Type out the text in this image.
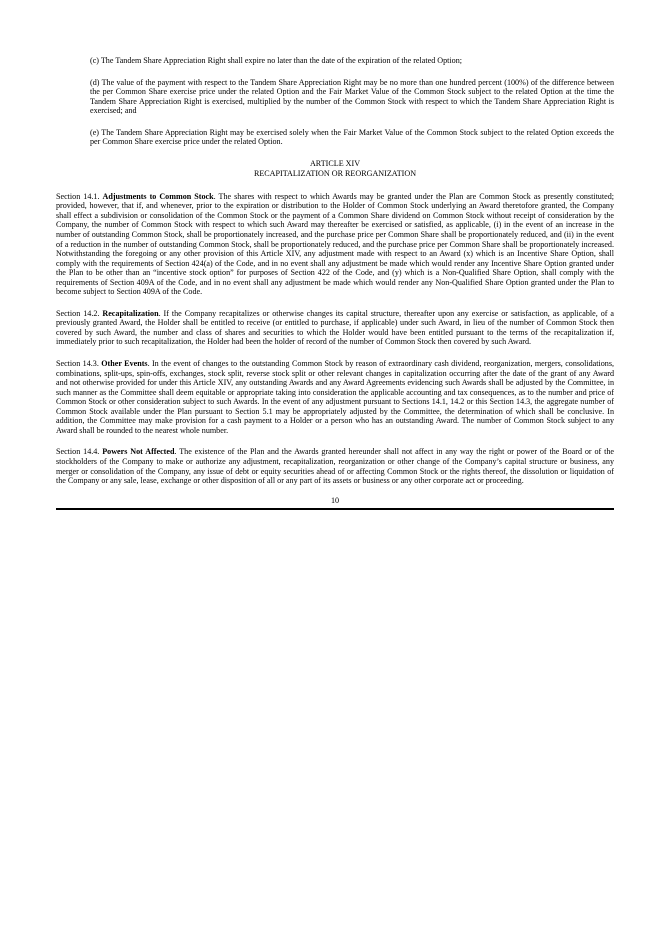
(c) The Tandem Share Appreciation Right shall expire no later than the date of the expiration of the related Option;

(d) The value of the payment with respect to the Tandem Share Appreciation Right may be no more than one hundred percent (100%) of the difference between the per Common Share exercise price under the related Option and the Fair Market Value of the Common Stock subject to the related Option at the time the Tandem Share Appreciation Right is exercised, multiplied by the number of the Common Stock with respect to which the Tandem Share Appreciation Right is exercised; and

(e) The Tandem Share Appreciation Right may be exercised solely when the Fair Market Value of the Common Stock subject to the related Option exceeds the per Common Share exercise price under the related Option.

ARTICLE XIV
RECAPITALIZATION OR REORGANIZATION

Section 14.1. Adjustments to Common Stock. The shares with respect to which Awards may be granted under the Plan are Common Stock as presently constituted; provided, however, that if, and whenever, prior to the expiration or distribution to the Holder of Common Stock underlying an Award theretofore granted, the Company shall effect a subdivision or consolidation of the Common Stock or the payment of a Common Share dividend on Common Stock without receipt of consideration by the Company, the number of Common Stock with respect to which such Award may thereafter be exercised or satisfied, as applicable, (i) in the event of an increase in the number of outstanding Common Stock, shall be proportionately increased, and the purchase price per Common Share shall be proportionately reduced, and (ii) in the event of a reduction in the number of outstanding Common Stock, shall be proportionately reduced, and the purchase price per Common Share shall be proportionately increased. Notwithstanding the foregoing or any other provision of this Article XIV, any adjustment made with respect to an Award (x) which is an Incentive Share Option, shall comply with the requirements of Section 424(a) of the Code, and in no event shall any adjustment be made which would render any Incentive Share Option granted under the Plan to be other than an “incentive stock option” for purposes of Section 422 of the Code, and (y) which is a Non-Qualified Share Option, shall comply with the requirements of Section 409A of the Code, and in no event shall any adjustment be made which would render any Non-Qualified Share Option granted under the Plan to become subject to Section 409A of the Code.

Section 14.2. Recapitalization. If the Company recapitalizes or otherwise changes its capital structure, thereafter upon any exercise or satisfaction, as applicable, of a previously granted Award, the Holder shall be entitled to receive (or entitled to purchase, if applicable) under such Award, in lieu of the number of Common Stock then covered by such Award, the number and class of shares and securities to which the Holder would have been entitled pursuant to the terms of the recapitalization if, immediately prior to such recapitalization, the Holder had been the holder of record of the number of Common Stock then covered by such Award.

Section 14.3. Other Events. In the event of changes to the outstanding Common Stock by reason of extraordinary cash dividend, reorganization, mergers, consolidations, combinations, split-ups, spin-offs, exchanges, stock split, reverse stock split or other relevant changes in capitalization occurring after the date of the grant of any Award and not otherwise provided for under this Article XIV, any outstanding Awards and any Award Agreements evidencing such Awards shall be adjusted by the Committee, in such manner as the Committee shall deem equitable or appropriate taking into consideration the applicable accounting and tax consequences, as to the number and price of Common Stock or other consideration subject to such Awards. In the event of any adjustment pursuant to Sections 14.1, 14.2 or this Section 14.3, the aggregate number of Common Stock available under the Plan pursuant to Section 5.1 may be appropriately adjusted by the Committee, the determination of which shall be conclusive. In addition, the Committee may make provision for a cash payment to a Holder or a person who has an outstanding Award. The number of Common Stock subject to any Award shall be rounded to the nearest whole number.

Section 14.4. Powers Not Affected. The existence of the Plan and the Awards granted hereunder shall not affect in any way the right or power of the Board or of the stockholders of the Company to make or authorize any adjustment, recapitalization, reorganization or other change of the Company’s capital structure or business, any merger or consolidation of the Company, any issue of debt or equity securities ahead of or affecting Common Stock or the rights thereof, the dissolution or liquidation of the Company or any sale, lease, exchange or other disposition of all or any part of its assets or business or any other corporate act or proceeding.

10
